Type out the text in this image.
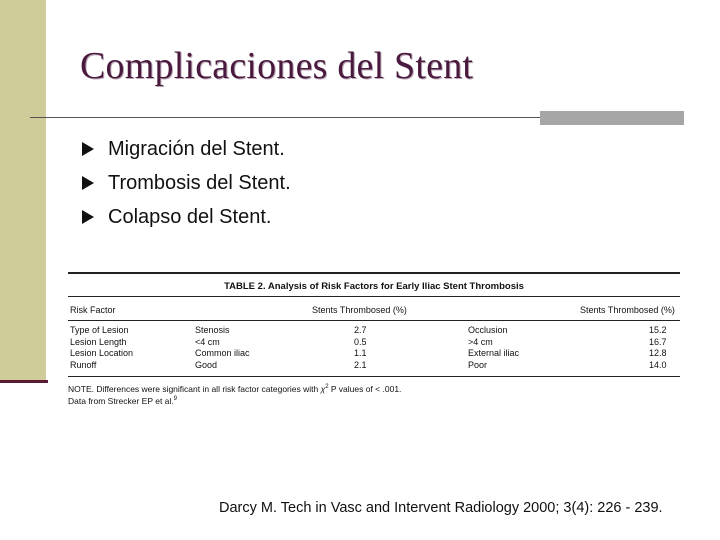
Complicaciones del Stent
Migración del Stent.
Trombosis del Stent.
Colapso del Stent.
TABLE 2. Analysis of Risk Factors for Early Iliac Stent Thrombosis
Risk Factor	Stents Thrombosed (%)	Stents Thrombosed (%)
Type of Lesion	Stenosis	2.7	Occlusion	15.2
Lesion Length	<4 cm	0.5	>4 cm	16.7
Lesion Location	Common iliac	1.1	External iliac	12.8
Runoff	Good	2.1	Poor	14.0
NOTE. Differences were significant in all risk factor categories with $\chi^2$ P values of < .001.
Data from Strecker EP et al.$^9$
Darcy M. Tech in Vasc and Intervent Radiology 2000; 3(4): 226 - 239.
